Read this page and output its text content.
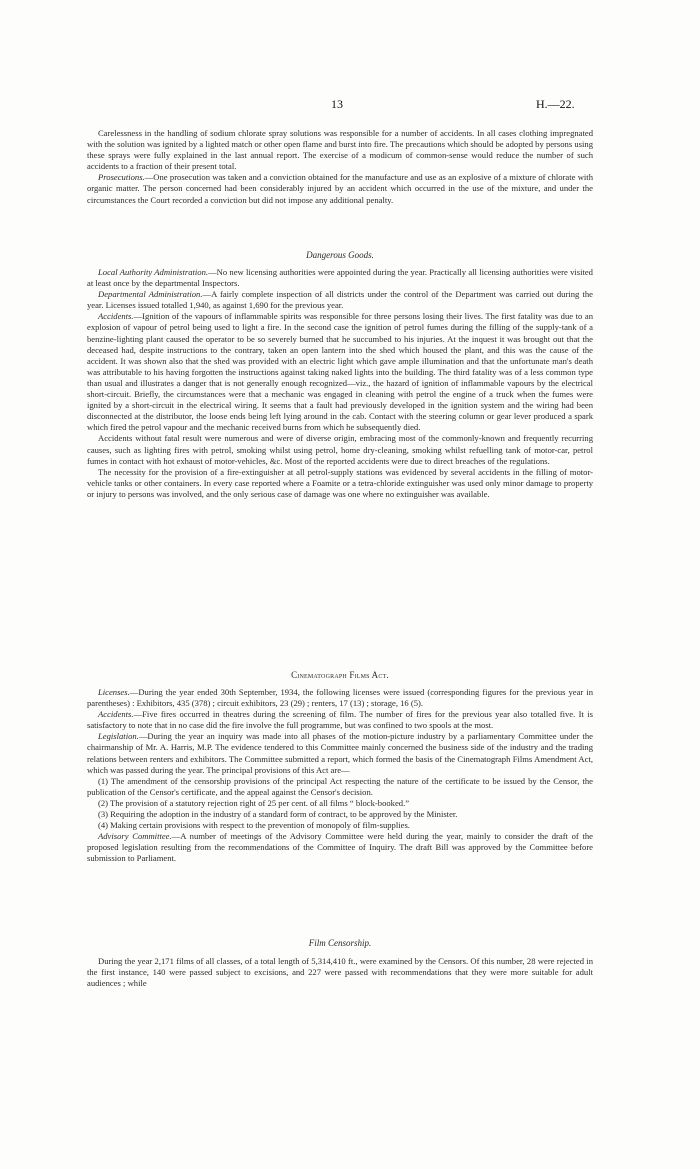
13	H.—22.

Carelessness in the handling of sodium chlorate spray solutions was responsible for a number of accidents. In all cases clothing impregnated with the solution was ignited by a lighted match or other open flame and burst into fire. The precautions which should be adopted by persons using these sprays were fully explained in the last annual report. The exercise of a modicum of common-sense would reduce the number of such accidents to a fraction of their present total.

Prosecutions.—One prosecution was taken and a conviction obtained for the manufacture and use as an explosive of a mixture of chlorate with organic matter. The person concerned had been considerably injured by an accident which occurred in the use of the mixture, and under the circumstances the Court recorded a conviction but did not impose any additional penalty.

Dangerous Goods.

Local Authority Administration.—No new licensing authorities were appointed during the year. Practically all licensing authorities were visited at least once by the departmental Inspectors.

Departmental Administration.—A fairly complete inspection of all districts under the control of the Department was carried out during the year. Licenses issued totalled 1,940, as against 1,690 for the previous year.

Accidents.—Ignition of the vapours of inflammable spirits was responsible for three persons losing their lives. The first fatality was due to an explosion of vapour of petrol being used to light a fire. In the second case the ignition of petrol fumes during the filling of the supply-tank of a benzine-lighting plant caused the operator to be so severely burned that he succumbed to his injuries. At the inquest it was brought out that the deceased had, despite instructions to the contrary, taken an open lantern into the shed which housed the plant, and this was the cause of the accident. It was shown also that the shed was provided with an electric light which gave ample illumination and that the unfortunate man's death was attributable to his having forgotten the instructions against taking naked lights into the building. The third fatality was of a less common type than usual and illustrates a danger that is not generally enough recognized—viz., the hazard of ignition of inflammable vapours by the electrical short-circuit. Briefly, the circumstances were that a mechanic was engaged in cleaning with petrol the engine of a truck when the fumes were ignited by a short-circuit in the electrical wiring. It seems that a fault had previously developed in the ignition system and the wiring had been disconnected at the distributor, the loose ends being left lying around in the cab. Contact with the steering column or gear lever produced a spark which fired the petrol vapour and the mechanic received burns from which he subsequently died.

Accidents without fatal result were numerous and were of diverse origin, embracing most of the commonly-known and frequently recurring causes, such as lighting fires with petrol, smoking whilst using petrol, home dry-cleaning, smoking whilst refuelling tank of motor-car, petrol fumes in contact with hot exhaust of motor-vehicles, &c. Most of the reported accidents were due to direct breaches of the regulations.

The necessity for the provision of a fire-extinguisher at all petrol-supply stations was evidenced by several accidents in the filling of motor-vehicle tanks or other containers. In every case reported where a Foamite or a tetra-chloride extinguisher was used only minor damage to property or injury to persons was involved, and the only serious case of damage was one where no extinguisher was available.

Cinematograph Films Act.

Licenses.—During the year ended 30th September, 1934, the following licenses were issued (corresponding figures for the previous year in parentheses) : Exhibitors, 435 (378) ; circuit exhibitors, 23 (29) ; renters, 17 (13) ; storage, 16 (5).

Accidents.—Five fires occurred in theatres during the screening of film. The number of fires for the previous year also totalled five. It is satisfactory to note that in no case did the fire involve the full programme, but was confined to two spools at the most.

Legislation.—During the year an inquiry was made into all phases of the motion-picture industry by a parliamentary Committee under the chairmanship of Mr. A. Harris, M.P. The evidence tendered to this Committee mainly concerned the business side of the industry and the trading relations between renters and exhibitors. The Committee submitted a report, which formed the basis of the Cinematograph Films Amendment Act, which was passed during the year. The principal provisions of this Act are—

(1) The amendment of the censorship provisions of the principal Act respecting the nature of the certificate to be issued by the Censor, the publication of the Censor's certificate, and the appeal against the Censor's decision.

(2) The provision of a statutory rejection right of 25 per cent. of all films “ block-booked.”

(3) Requiring the adoption in the industry of a standard form of contract, to be approved by the Minister.

(4) Making certain provisions with respect to the prevention of monopoly of film-supplies.

Advisory Committee.—A number of meetings of the Advisory Committee were held during the year, mainly to consider the draft of the proposed legislation resulting from the recommendations of the Committee of Inquiry. The draft Bill was approved by the Committee before submission to Parliament.

Film Censorship.

During the year 2,171 films of all classes, of a total length of 5,314,410 ft., were examined by the Censors. Of this number, 28 were rejected in the first instance, 140 were passed subject to excisions, and 227 were passed with recommendations that they were more suitable for adult audiences ; while
